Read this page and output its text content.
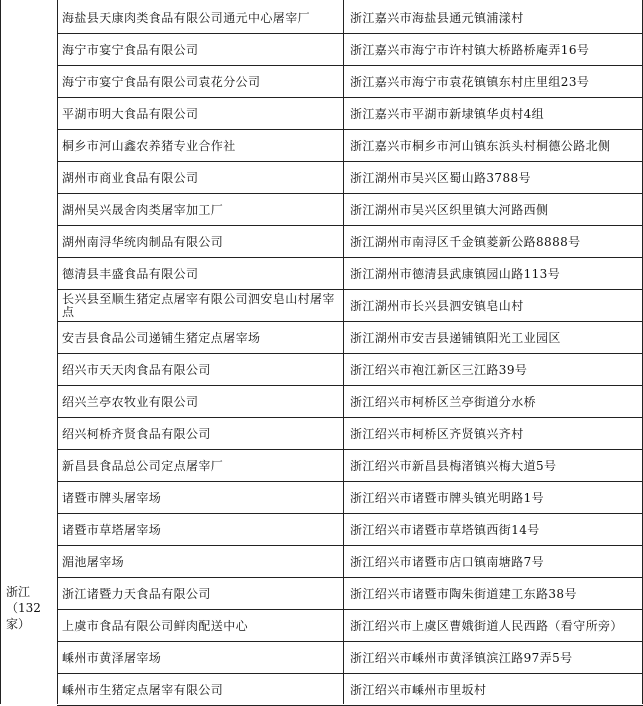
浙江
（132
家）
海盐县天康肉类食品有限公司通元中心屠宰厂	浙江嘉兴市海盐县通元镇浦漾村
海宁市宴宁食品有限公司	浙江嘉兴市海宁市许村镇大桥路桥庵弄16号
海宁市宴宁食品有限公司袁花分公司	浙江嘉兴市海宁市袁花镇镇东村庄里组23号
平湖市明大食品有限公司	浙江嘉兴市平湖市新埭镇华贞村4组
桐乡市河山鑫农养猪专业合作社	浙江嘉兴市桐乡市河山镇东浜头村桐德公路北侧
湖州市商业食品有限公司	浙江湖州市吴兴区蜀山路3788号
湖州吴兴晟舍肉类屠宰加工厂	浙江湖州市吴兴区织里镇大河路西侧
湖州南浔华统肉制品有限公司	浙江湖州市南浔区千金镇菱新公路8888号
德清县丰盛食品有限公司	浙江湖州市德清县武康镇园山路113号
长兴县至顺生猪定点屠宰有限公司泗安皂山村屠宰点	浙江湖州市长兴县泗安镇皂山村
安吉县食品公司递铺生猪定点屠宰场	浙江湖州市安吉县递铺镇阳光工业园区
绍兴市天天肉食品有限公司	浙江绍兴市袍江新区三江路39号
绍兴兰亭农牧业有限公司	浙江绍兴市柯桥区兰亭街道分水桥
绍兴柯桥齐贤食品有限公司	浙江绍兴市柯桥区齐贤镇兴齐村
新昌县食品总公司定点屠宰厂	浙江绍兴市新昌县梅渚镇兴梅大道5号
诸暨市牌头屠宰场	浙江绍兴市诸暨市牌头镇光明路1号
诸暨市草塔屠宰场	浙江绍兴市诸暨市草塔镇西街14号
湄池屠宰场	浙江绍兴市诸暨市店口镇南塘路7号
浙江诸暨力天食品有限公司	浙江绍兴市诸暨市陶朱街道建工东路38号
上虞市食品有限公司鲜肉配送中心	浙江绍兴市上虞区曹娥街道人民西路（看守所旁）
嵊州市黄泽屠宰场	浙江绍兴市嵊州市黄泽镇滨江路97弄5号
嵊州市生猪定点屠宰有限公司	浙江绍兴市嵊州市里坂村
